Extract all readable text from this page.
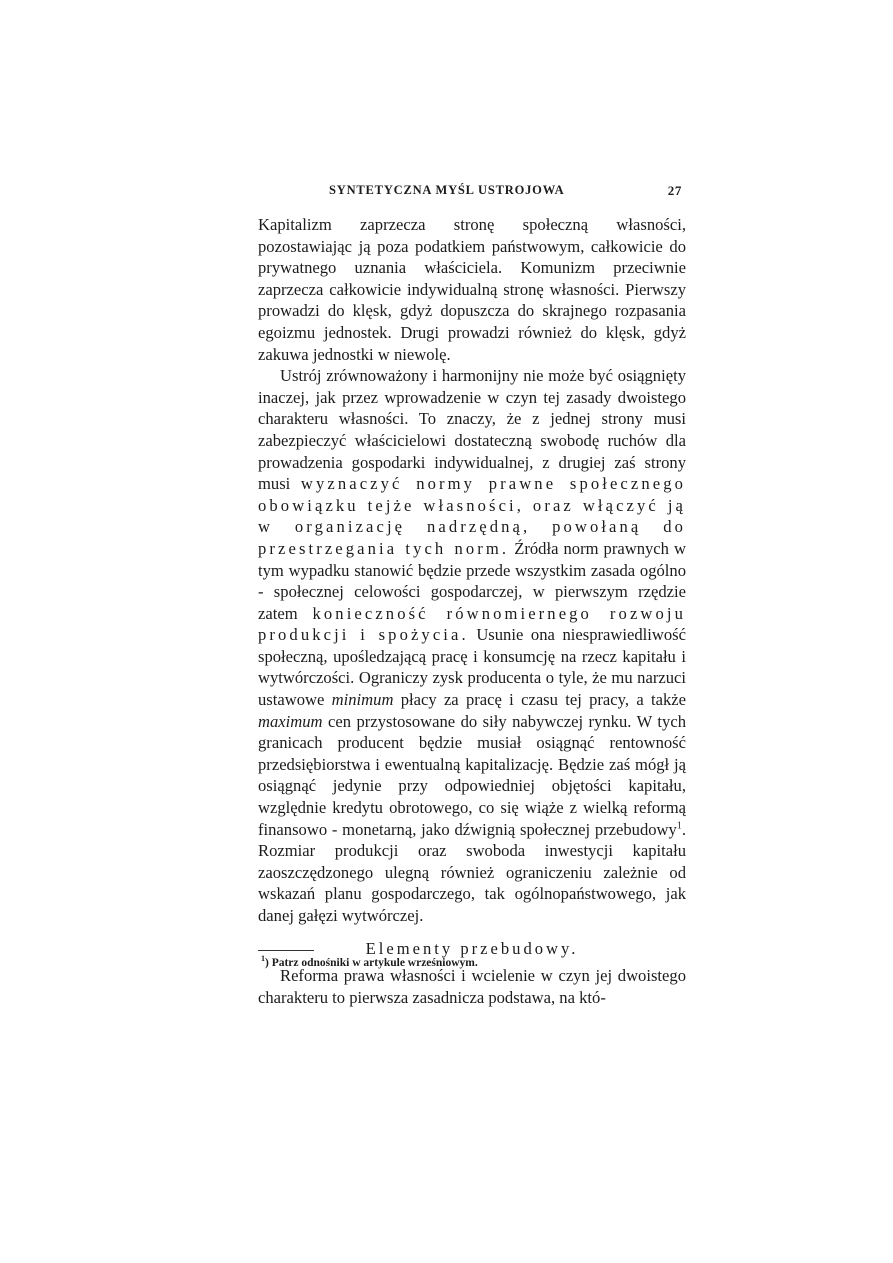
SYNTETYCZNA MYŚL USTROJOWA	27

Kapitalizm zaprzecza stronę społeczną własności, pozostawiając ją poza podatkiem państwowym, całkowicie do prywatnego uznania właściciela. Komunizm przeciwnie zaprzecza całkowicie indywidualną stronę własności. Pierwszy prowadzi do klęsk, gdyż dopuszcza do skrajnego rozpasania egoizmu jednostek. Drugi prowadzi również do klęsk, gdyż zakuwa jednostki w niewolę.

Ustrój zrównoważony i harmonijny nie może być osiągnięty inaczej, jak przez wprowadzenie w czyn tej zasady dwoistego charakteru własności. To znaczy, że z jednej strony musi zabezpieczyć właścicielowi dostateczną swobodę ruchów dla prowadzenia gospodarki indywidualnej, z drugiej zaś strony musi wyznaczyć normy prawne społecznego obowiązku tejże własności, oraz włączyć ją w organizację nadrzędną, powołaną do przestrzegania tych norm. Źródła norm prawnych w tym wypadku stanowić będzie przede wszystkim zasada ogólno - społecznej celowości gospodarczej, w pierwszym rzędzie zatem konieczność równomiernego rozwoju produkcji i spożycia. Usunie ona niesprawiedliwość społeczną, upośledzającą pracę i konsumcję na rzecz kapitału i wytwórczości. Ograniczy zysk producenta o tyle, że mu narzuci ustawowe minimum płacy za pracę i czasu tej pracy, a także maximum cen przystosowane do siły nabywczej rynku. W tych granicach producent będzie musiał osiągnąć rentowność przedsiębiorstwa i ewentualną kapitalizację. Będzie zaś mógł ją osiągnąć jedynie przy odpowiedniej objętości kapitału, względnie kredytu obrotowego, co się wiąże z wielką reformą finansowo - monetarną, jako dźwignią społecznej przebudowy$^1$. Rozmiar produkcji oraz swoboda inwestycji kapitału zaoszczędzonego ulegną również ograniczeniu zależnie od wskazań planu gospodarczego, tak ogólnopaństwowego, jak danej gałęzi wytwórczej.

Elementy przebudowy.

Reforma prawa własności i wcielenie w czyn jej dwoistego charakteru to pierwsza zasadnicza podstawa, na któ-

$^1$) Patrz odnośniki w artykule wrześniowym.
